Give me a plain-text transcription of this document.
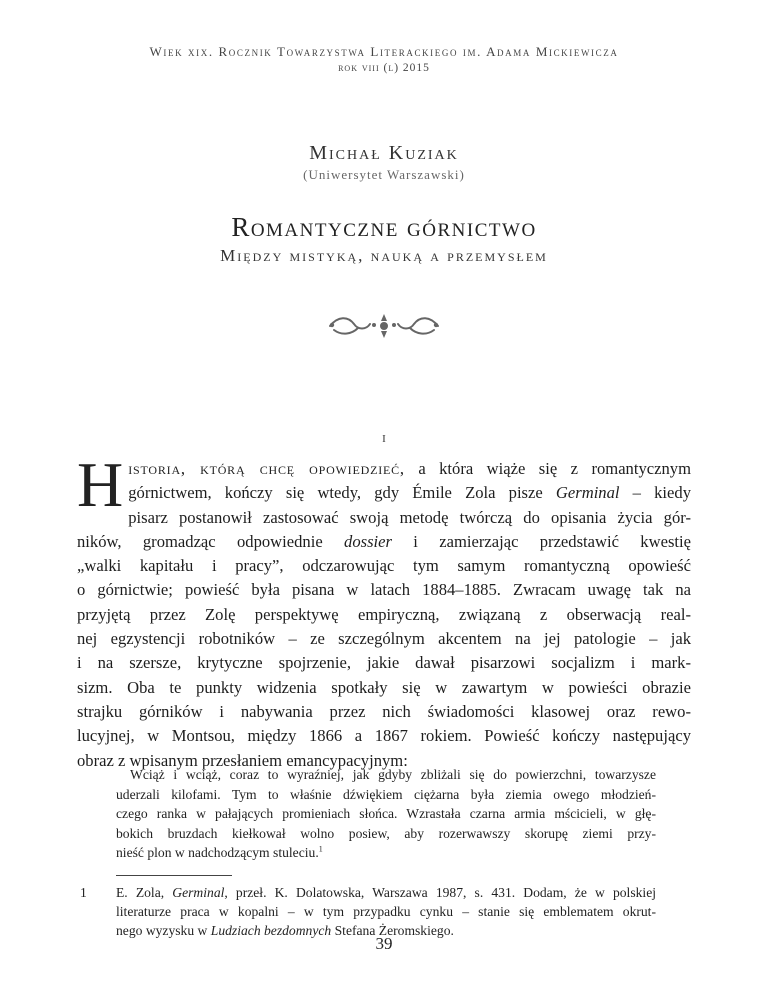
Wiek xix. Rocznik Towarzystwa Literackiego im. Adama Mickiewicza
rok viii (l) 2015
Michał Kuziak
(Uniwersytet Warszawski)
Romantyczne górnictwo
Między mistyką, nauką a przemysłem
i
H istoria, którą chcę opowiedzieć, a która wiąże się z romantycznym
górnictwem, kończy się wtedy, gdy Émile Zola pisze Germinal – kiedy
pisarz postanowił zastosować swoją metodę twórczą do opisania życia gór-
ników, gromadząc odpowiednie dossier i zamierzając przedstawić kwestię
„walki kapitału i pracy”, odczarowując tym samym romantyczną opowieść
o górnictwie; powieść była pisana w latach 1884–1885. Zwracam uwagę tak na
przyjętą przez Zolę perspektywę empiryczną, związaną z obserwacją real-
nej egzystencji robotników – ze szczególnym akcentem na jej patologie – jak
i na szersze, krytyczne spojrzenie, jakie dawał pisarzowi socjalizm i mark-
sizm. Oba te punkty widzenia spotkały się w zawartym w powieści obrazie
strajku górników i nabywania przez nich świadomości klasowej oraz rewo-
lucyjnej, w Montsou, między 1866 a 1867 rokiem. Powieść kończy następujący
obraz z wpisanym przesłaniem emancypacyjnym:
Wciąż i wciąż, coraz to wyraźniej, jak gdyby zbliżali się do powierzchni, towarzysze
uderzali kilofami. Tym to właśnie dźwiękiem ciężarna była ziemia owego młodzień-
czego ranka w pałających promieniach słońca. Wzrastała czarna armia mścicieli, w głę-
bokich bruzdach kiełkował wolno posiew, aby rozerwawszy skorupę ziemi przy-
nieść plon w nadchodzącym stuleciu.$^1$
1 E. Zola, Germinal, przeł. K. Dolatowska, Warszawa 1987, s. 431. Dodam, że w polskiej
literaturze praca w kopalni – w tym przypadku cynku – stanie się emblematem okrut-
nego wyzysku w Ludziach bezdomnych Stefana Żeromskiego.
39
